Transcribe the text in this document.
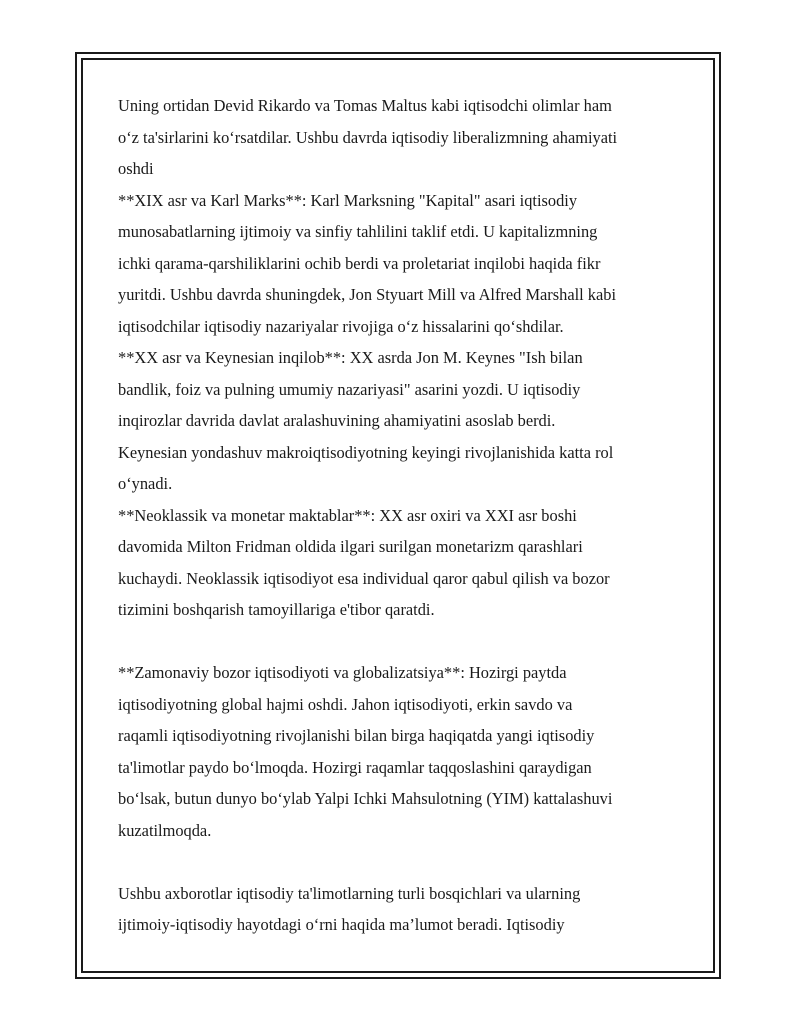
Uning ortidan Devid Rikardo va Tomas Maltus kabi iqtisodchi olimlar ham
o‘z ta'sirlarini ko‘rsatdilar. Ushbu davrda iqtisodiy liberalizmning ahamiyati
oshdi

**XIX asr va Karl Marks**: Karl Marksning "Kapital" asari iqtisodiy
munosabatlarning ijtimoiy va sinfiy tahlilini taklif etdi. U kapitalizmning
ichki qarama-qarshiliklarini ochib berdi va proletariat inqilobi haqida fikr
yuritdi. Ushbu davrda shuningdek, Jon Styuart Mill va Alfred Marshall kabi
iqtisodchilar iqtisodiy nazariyalar rivojiga o‘z hissalarini qo‘shdilar.

**XX asr va Keynesian inqilob**: XX asrda Jon M. Keynes "Ish bilan
bandlik, foiz va pulning umumiy nazariyasi" asarini yozdi. U iqtisodiy
inqirozlar davrida davlat aralashuvining ahamiyatini asoslab berdi.
Keynesian yondashuv makroiqtisodiyotning keyingi rivojlanishida katta rol
o‘ynadi.

**Neoklassik va monetar maktablar**: XX asr oxiri va XXI asr boshi
davomida Milton Fridman oldida ilgari surilgan monetarizm qarashlari
kuchaydi. Neoklassik iqtisodiyot esa individual qaror qabul qilish va bozor
tizimini boshqarish tamoyillariga e'tibor qaratdi.

**Zamonaviy bozor iqtisodiyoti va globalizatsiya**: Hozirgi paytda
iqtisodiyotning global hajmi oshdi. Jahon iqtisodiyoti, erkin savdo va
raqamli iqtisodiyotning rivojlanishi bilan birga haqiqatda yangi iqtisodiy
ta'limotlar paydo bo‘lmoqda. Hozirgi raqamlar taqqoslashini qaraydigan
bo‘lsak, butun dunyo bo‘ylab Yalpi Ichki Mahsulotning (YIM) kattalashuvi
kuzatilmoqda.

Ushbu axborotlar iqtisodiy ta'limotlarning turli bosqichlari va ularning
ijtimoiy-iqtisodiy hayotdagi o‘rni haqida ma’lumot beradi. Iqtisodiy
